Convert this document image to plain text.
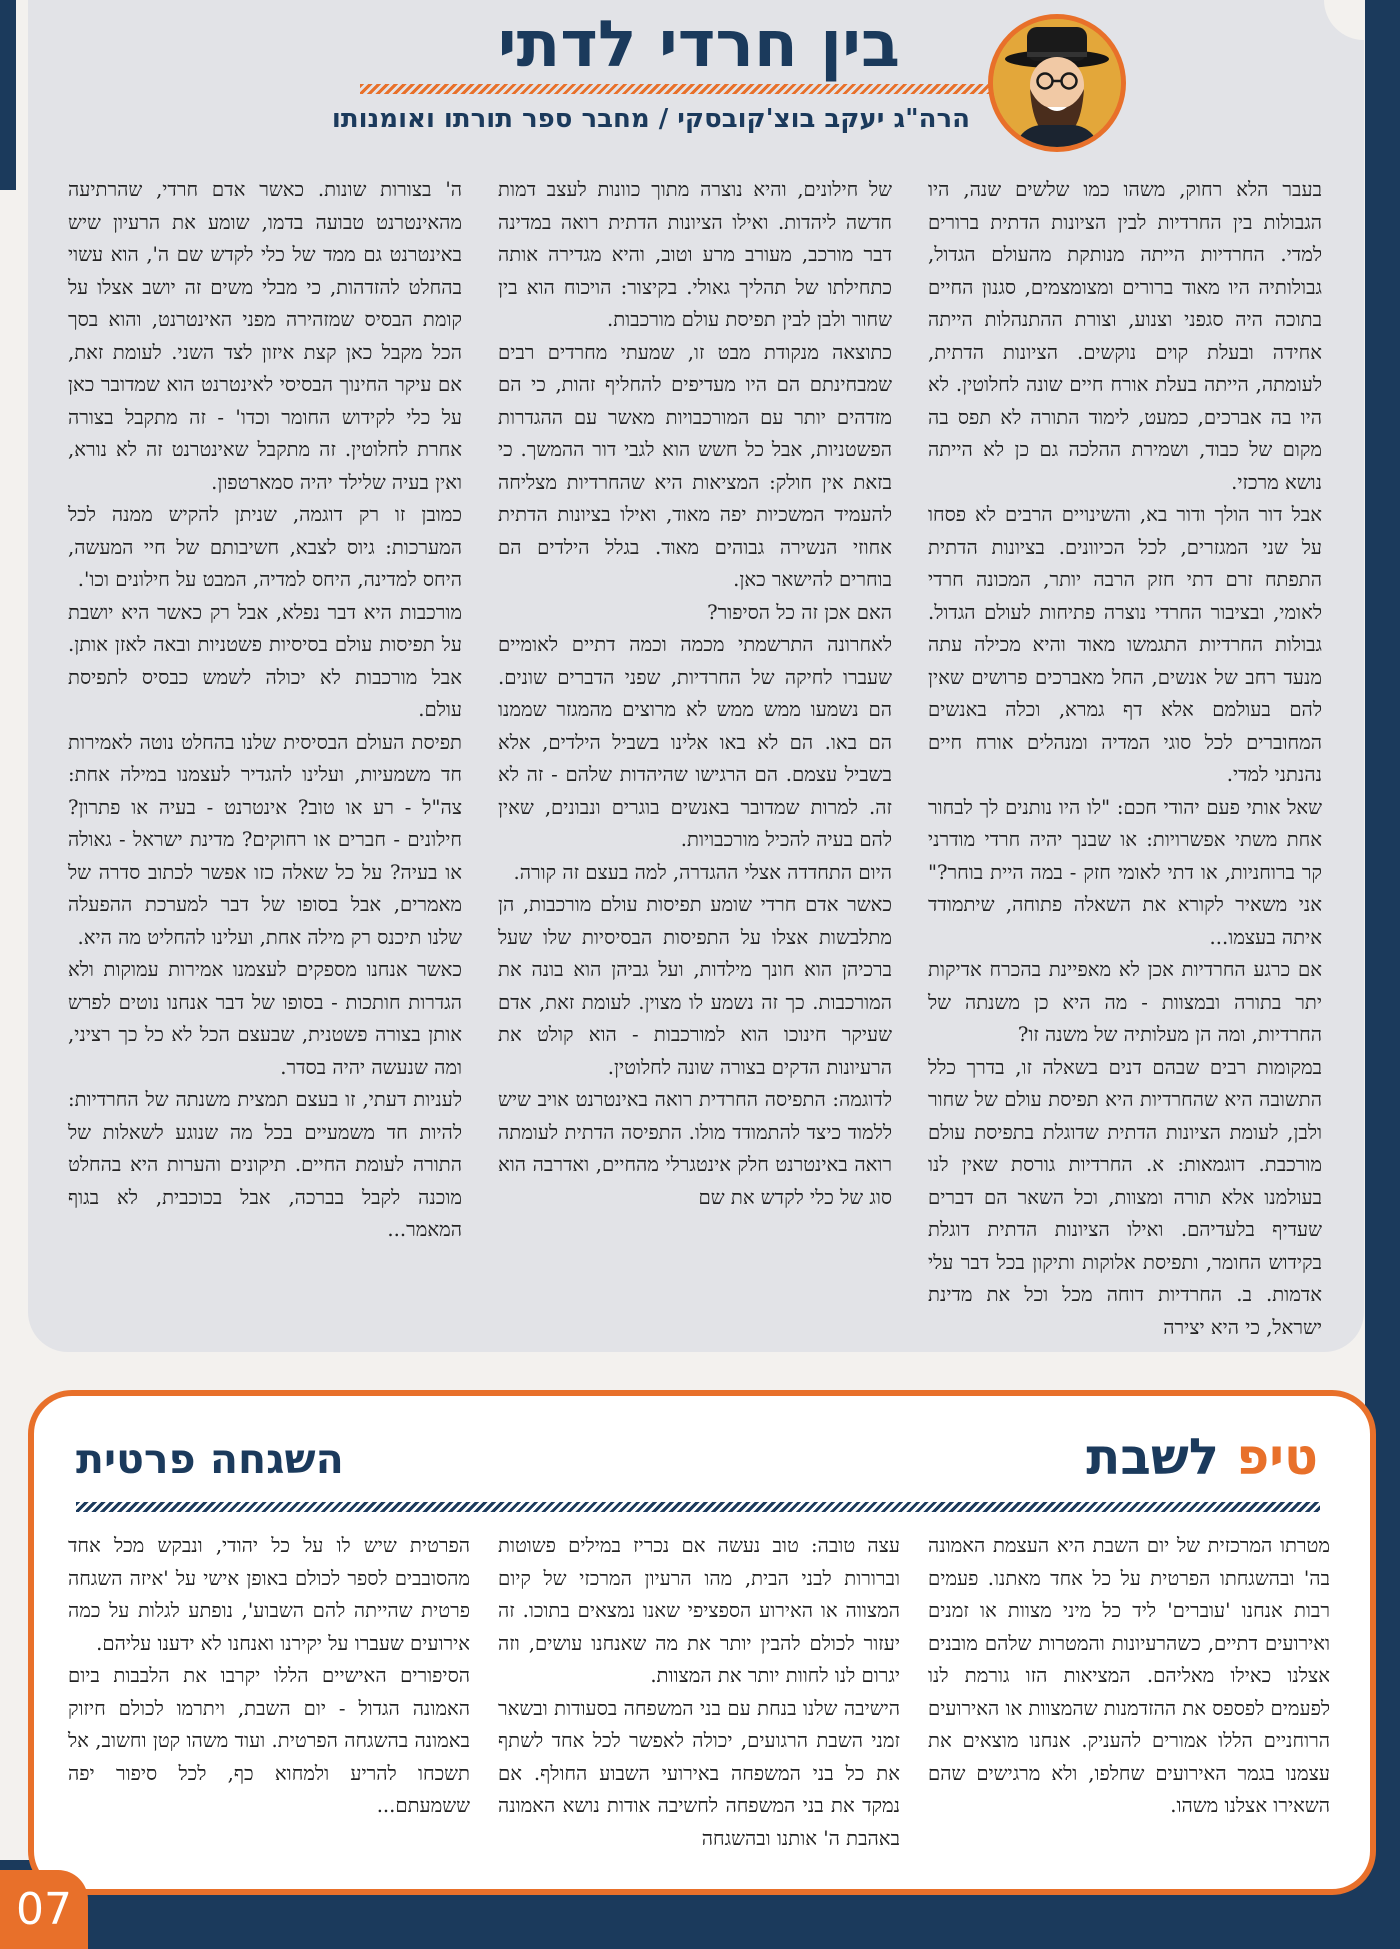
בין חרדי לדתי
הרה"ג יעקב בוצ'קובסקי / מחבר ספר תורתו ואומנותו

בעבר הלא רחוק, משהו כמו שלשים שנה, היו הגבולות בין החרדיות לבין הציונות הדתית ברורים למדי. החרדיות הייתה מנותקת מהעולם הגדול, גבולותיה היו מאוד ברורים ומצומצמים, סגנון החיים בתוכה היה סגפני וצנוע, וצורת ההתנהלות הייתה אחידה ובעלת קוים נוקשים. הציונות הדתית, לעומתה, הייתה בעלת אורח חיים שונה לחלוטין. לא היו בה אברכים, כמעט, לימוד התורה לא תפס בה מקום של כבוד, ושמירת ההלכה גם כן לא הייתה נושא מרכזי.

אבל דור הולך ודור בא, והשינויים הרבים לא פסחו על שני המגזרים, לכל הכיוונים. בציונות הדתית התפתח זרם דתי חזק הרבה יותר, המכונה חרדי לאומי, ובציבור החרדי נוצרה פתיחות לעולם הגדול. גבולות החרדיות התגמשו מאוד והיא מכילה עתה מנעד רחב של אנשים, החל מאברכים פרושים שאין להם בעולמם אלא דף גמרא, וכלה באנשים המחוברים לכל סוגי המדיה ומנהלים אורח חיים נהנתני למדי.

שאל אותי פעם יהודי חכם: "לו היו נותנים לך לבחור אחת משתי אפשרויות: או שבנך יהיה חרדי מודרני קר ברוחניות, או דתי לאומי חזק - במה היית בוחר?" אני משאיר לקורא את השאלה פתוחה, שיתמודד איתה בעצמו...

אם כרגע החרדיות אכן לא מאפיינת בהכרח אדיקות יתר בתורה ובמצוות - מה היא כן משנתה של החרדיות, ומה הן מעלותיה של משנה זו?

במקומות רבים שבהם דנים בשאלה זו, בדרך כלל התשובה היא שהחרדיות היא תפיסת עולם של שחור ולבן, לעומת הציונות הדתית שדוגלת בתפיסת עולם מורכבת. דוגמאות: א. החרדיות גורסת שאין לנו בעולמנו אלא תורה ומצוות, וכל השאר הם דברים שעדיף בלעדיהם. ואילו הציונות הדתית דוגלת בקידוש החומר, ותפיסת אלוקות ותיקון בכל דבר עלי אדמות. ב. החרדיות דוחה מכל וכל את מדינת ישראל, כי היא יצירה

של חילונים, והיא נוצרה מתוך כוונות לעצב דמות חדשה ליהדות. ואילו הציונות הדתית רואה במדינה דבר מורכב, מעורב מרע וטוב, והיא מגדירה אותה כתחילתו של תהליך גאולי. בקיצור: הויכוח הוא בין שחור ולבן לבין תפיסת עולם מורכבות.

כתוצאה מנקודת מבט זו, שמעתי מחרדים רבים שמבחינתם הם היו מעדיפים להחליף זהות, כי הם מזדהים יותר עם המורכבויות מאשר עם ההגדרות הפשטניות, אבל כל חשש הוא לגבי דור ההמשך. כי בזאת אין חולק: המציאות היא שהחרדיות מצליחה להעמיד המשכיות יפה מאוד, ואילו בציונות הדתית אחוזי הנשירה גבוהים מאוד. בגלל הילדים הם בוחרים להישאר כאן.

האם אכן זה כל הסיפור?

לאחרונה התרשמתי מכמה וכמה דתיים לאומיים שעברו לחיקה של החרדיות, שפני הדברים שונים. הם נשמעו ממש ממש לא מרוצים מהמגזר שממנו הם באו. הם לא באו אלינו בשביל הילדים, אלא בשביל עצמם. הם הרגישו שהיהדות שלהם - זה לא זה. למרות שמדובר באנשים בוגרים ונבונים, שאין להם בעיה להכיל מורכבויות.

היום התחדדה אצלי ההגדרה, למה בעצם זה קורה.

כאשר אדם חרדי שומע תפיסות עולם מורכבות, הן מתלבשות אצלו על התפיסות הבסיסיות שלו שעל ברכיהן הוא חונך מילדות, ועל גביהן הוא בונה את המורכבות. כך זה נשמע לו מצוין. לעומת זאת, אדם שעיקר חינוכו הוא למורכבות - הוא קולט את הרעיונות הדקים בצורה שונה לחלוטין.

לדוגמה: התפיסה החרדית רואה באינטרנט אויב שיש ללמוד כיצד להתמודד מולו. התפיסה הדתית לעומתה רואה באינטרנט חלק אינטגרלי מהחיים, ואדרבה הוא סוג של כלי לקדש את שם

ה' בצורות שונות. כאשר אדם חרדי, שהרתיעה מהאינטרנט טבועה בדמו, שומע את הרעיון שיש באינטרנט גם ממד של כלי לקדש שם ה', הוא עשוי בהחלט להזדהות, כי מבלי משים זה יושב אצלו על קומת הבסיס שמזהירה מפני האינטרנט, והוא בסך הכל מקבל כאן קצת איזון לצד השני. לעומת זאת, אם עיקר החינוך הבסיסי לאינטרנט הוא שמדובר כאן על כלי לקידוש החומר וכדו' - זה מתקבל בצורה אחרת לחלוטין. זה מתקבל שאינטרנט זה לא נורא, ואין בעיה שלילד יהיה סמארטפון.

כמובן זו רק דוגמה, שניתן להקיש ממנה לכל המערכות: גיוס לצבא, חשיבותם של חיי המעשה, היחס למדינה, היחס למדיה, המבט על חילונים וכו'.

מורכבות היא דבר נפלא, אבל רק כאשר היא יושבת על תפיסות עולם בסיסיות פשטניות ובאה לאזן אותן. אבל מורכבות לא יכולה לשמש כבסיס לתפיסת עולם.

תפיסת העולם הבסיסית שלנו בהחלט נוטה לאמירות חד משמעיות, ועלינו להגדיר לעצמנו במילה אחת: צה"ל - רע או טוב? אינטרנט - בעיה או פתרון? חילונים - חברים או רחוקים? מדינת ישראל - גאולה או בעיה? על כל שאלה כזו אפשר לכתוב סדרה של מאמרים, אבל בסופו של דבר למערכת ההפעלה שלנו תיכנס רק מילה אחת, ועלינו להחליט מה היא.

כאשר אנחנו מספקים לעצמנו אמירות עמוקות ולא הגדרות חותכות - בסופו של דבר אנחנו נוטים לפרש אותן בצורה פשטנית, שבעצם הכל לא כל כך רציני, ומה שנעשה יהיה בסדר.

לעניות דעתי, זו בעצם תמצית משנתה של החרדיות: להיות חד משמעיים בכל מה שנוגע לשאלות של התורה לעומת החיים. תיקונים והערות היא בהחלט מוכנה לקבל בברכה, אבל בכוכבית, לא בגוף המאמר...

טיפ לשבת
השגחה פרטית

מטרתו המרכזית של יום השבת היא העצמת האמונה בה' ובהשגחתו הפרטית על כל אחד מאתנו. פעמים רבות אנחנו 'עוברים' ליד כל מיני מצוות או זמנים ואירועים דתיים, כשהרעיונות והמטרות שלהם מובנים אצלנו כאילו מאליהם. המציאות הזו גורמת לנו לפעמים לפספס את ההזדמנות שהמצוות או האירועים הרוחניים הללו אמורים להעניק. אנחנו מוצאים את עצמנו בגמר האירועים שחלפו, ולא מרגישים שהם השאירו אצלנו משהו.

עצה טובה: טוב נעשה אם נכריז במילים פשוטות וברורות לבני הבית, מהו הרעיון המרכזי של קיום המצווה או האירוע הספציפי שאנו נמצאים בתוכו. זה יעזור לכולם להבין יותר את מה שאנחנו עושים, וזה יגרום לנו לחוות יותר את המצוות.

הישיבה שלנו בנחת עם בני המשפחה בסעודות ובשאר זמני השבת הרגועים, יכולה לאפשר לכל אחד לשתף את כל בני המשפחה באירועי השבוע החולף. אם נמקד את בני המשפחה לחשיבה אודות נושא האמונה באהבת ה' אותנו ובהשגחה

הפרטית שיש לו על כל יהודי, ונבקש מכל אחד מהסובבים לספר לכולם באופן אישי על 'איזה השגחה פרטית שהייתה להם השבוע', נופתע לגלות על כמה אירועים שעברו על יקירנו ואנחנו לא ידענו עליהם.

הסיפורים האישיים הללו יקרבו את הלבבות ביום האמונה הגדול - יום השבת, ויתרמו לכולם חיזוק באמונה בהשגחה הפרטית. ועוד משהו קטן וחשוב, אל תשכחו להריע ולמחוא כף, לכל סיפור יפה ששמעתם...

07
